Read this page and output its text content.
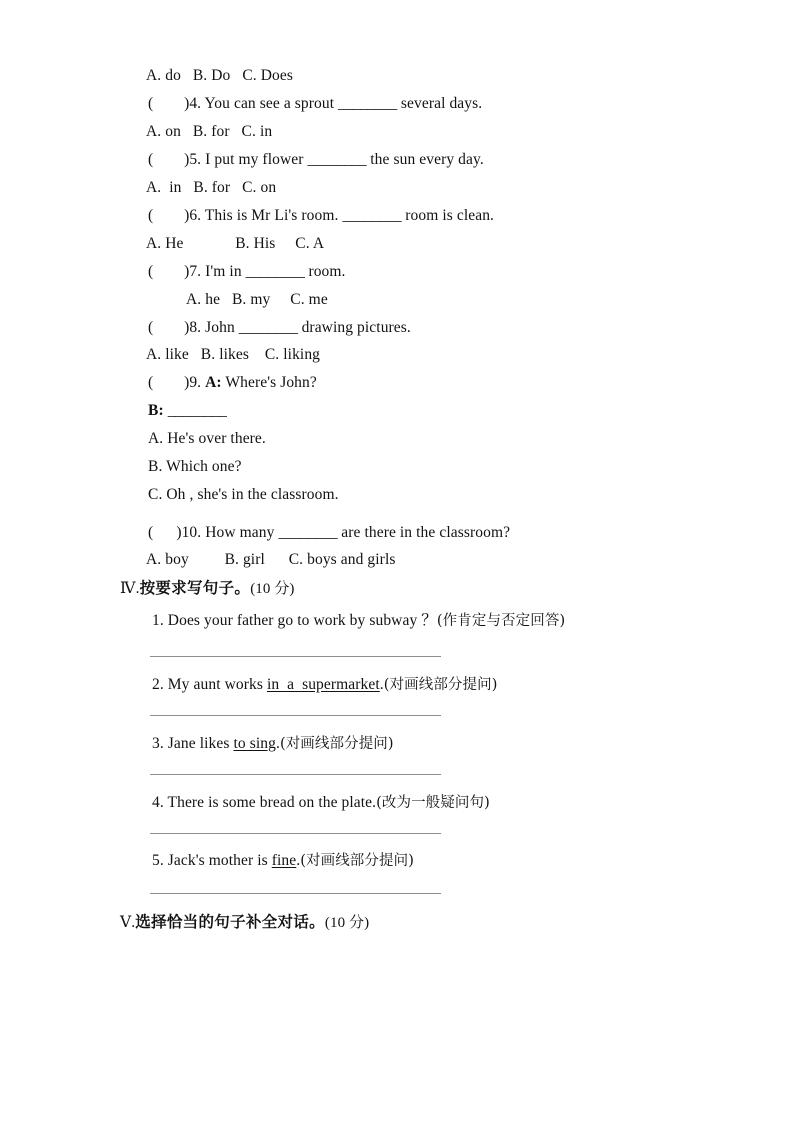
A. do   B. Do   C. Does
(        )4. You can see a sprout ________ several days.
A. on   B. for   C. in
(        )5. I put my flower ________ the sun every day.
A.  in   B. for   C. on
(        )6. This is Mr Li's room. ________ room is clean.
A. He             B. His     C. A
(        )7. I'm in ________ room.
A. he   B. my     C. me
(        )8. John ________ drawing pictures.
A. like   B. likes    C. liking
(        )9. A: Where's John?
B: ________
A. He's over there.
B. Which one?
C. Oh , she's in the classroom.
(      )10. How many ________ are there in the classroom?
A. boy         B. girl      C. boys and girls
Ⅳ.按要求写句子。(10 分)
1. Does your father go to work by subway ？(作肯定与否定回答)
2. My aunt works in  a  supermarket.(对画线部分提问)
3. Jane likes to sing.(对画线部分提问)
4. There is some bread on the plate.(改为一般疑问句)
5. Jack's mother is fine.(对画线部分提问)
Ⅴ.选择恰当的句子补全对话。(10 分)
